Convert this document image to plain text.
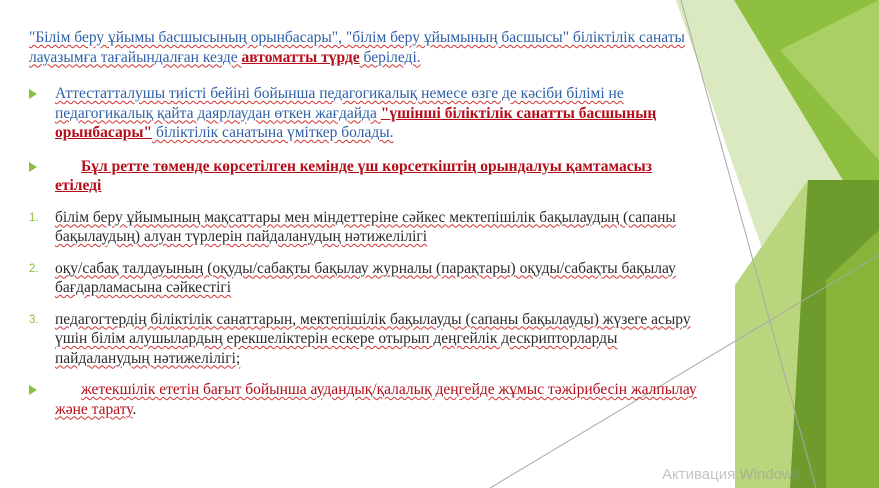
"Білім беру ұйымы басшысының орынбасары", "білім беру ұйымының басшысы" біліктілік санаты лауазымға тағайындалған кезде автоматты түрде беріледі.

Аттестатталушы тиісті бейіні бойынша педагогикалық немесе өзге де кәсіби білімі не педагогикалық қайта даярлаудан өткен жағдайда "үшінші біліктілік санатты басшының орынбасары" біліктілік санатына үміткер болады.
Бұл ретте төменде көрсетілген кемінде үш көрсеткіштің орындалуы қамтамасыз етіледі
1. білім беру ұйымының мақсаттары мен міндеттеріне сәйкес мектепішілік бақылаудың (сапаны бақылаудың) алуан түрлерін пайдаланудың нәтижелілігі
2. оқу/сабақ талдауының (оқуды/сабақты бақылау журналы (парақтары) оқуды/сабақты бақылау бағдарламасына сәйкестігі
3. педагогтердің біліктілік санаттарын, мектепішілік бақылауды (сапаны бақылауды) жүзеге асыру үшін білім алушылардың ерекшеліктерін ескере отырып деңгейлік дескрипторларды пайдаланудың нәтижелілігі;
жетекшілік ететін бағыт бойынша аудандық/қалалық деңгейде жұмыс тәжірибесін жалпылау және тарату.
Активация Windows
